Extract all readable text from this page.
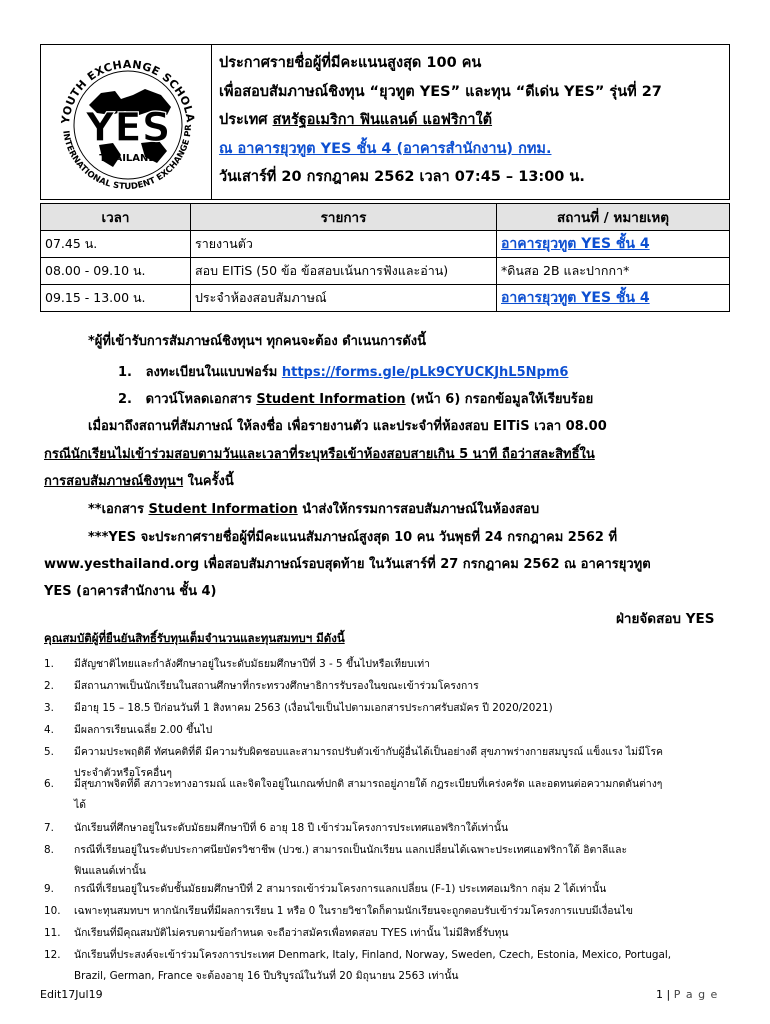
YOUTH EXCHANGE SCHOLA
INTERNATIONAL STUDENT EXCHANGE PR
YES
THAILAND
ประกาศรายชื่อผู้ที่มีคะแนนสูงสุด 100 คน
เพื่อสอบสัมภาษณ์ชิงทุน “ยุวทูต YES” และทุน “ดีเด่น YES” รุ่นที่ 27
ประเทศ สหรัฐอเมริกา ฟินแลนด์ แอฟริกาใต้
ณ อาคารยุวทูต YES ชั้น 4 (อาคารสำนักงาน) กทม.
วันเสาร์ที่ 20 กรกฎาคม 2562 เวลา 07:45 – 13:00 น.
เวลา	รายการ	สถานที่ / หมายเหตุ
07.45 น.	รายงานตัว	อาคารยุวทูต YES ชั้น 4
08.00 - 09.10 น.	สอบ EITiS (50 ข้อ ข้อสอบเน้นการฟังและอ่าน)	*ดินสอ 2B และปากกา*
09.15 - 13.00 น.	ประจำห้องสอบสัมภาษณ์	อาคารยุวทูต YES ชั้น 4
*ผู้ที่เข้ารับการสัมภาษณ์ชิงทุนฯ ทุกคนจะต้อง ดำเนนการดังนี้
1. ลงทะเบียนในแบบฟอร์ม https://forms.gle/pLk9CYUCKJhL5Npm6
2. ดาวน์โหลดเอกสาร Student Information (หน้า 6) กรอกข้อมูลให้เรียบร้อย
เมื่อมาถึงสถานที่สัมภาษณ์ ให้ลงชื่อ เพื่อรายงานตัว และประจำที่ห้องสอบ EITiS เวลา 08.00
กรณีนักเรียนไม่เข้าร่วมสอบตามวันและเวลาที่ระบุหรือเข้าห้องสอบสายเกิน 5 นาที ถือว่าสละสิทธิ์ใน
การสอบสัมภาษณ์ชิงทุนฯ ในครั้งนี้
**เอกสาร Student Information นำส่งให้กรรมการสอบสัมภาษณ์ในห้องสอบ
***YES จะประกาศรายชื่อผู้ที่มีคะแนนสัมภาษณ์สูงสุด 10 คน วันพุธที่ 24 กรกฎาคม 2562 ที่
www.yesthailand.org เพื่อสอบสัมภาษณ์รอบสุดท้าย ในวันเสาร์ที่ 27 กรกฎาคม 2562 ณ อาคารยุวทูต
YES (อาคารสำนักงาน ชั้น 4)
ฝ่ายจัดสอบ YES
คุณสมบัติผู้ที่ยืนยันสิทธิ์รับทุนเต็มจำนวนและทุนสมทบฯ มีดังนี้
1. มีสัญชาติไทยและกำลังศึกษาอยู่ในระดับมัธยมศึกษาปีที่ 3 - 5 ขึ้นไปหรือเทียบเท่า
2. มีสถานภาพเป็นนักเรียนในสถานศึกษาที่กระทรวงศึกษาธิการรับรองในขณะเข้าร่วมโครงการ
3. มีอายุ 15 – 18.5 ปีก่อนวันที่ 1 สิงหาคม 2563 (เงื่อนไขเป็นไปตามเอกสารประกาศรับสมัคร ปี 2020/2021)
4. มีผลการเรียนเฉลี่ย 2.00 ขึ้นไป
5. มีความประพฤติดี ทัศนคติที่ดี มีความรับผิดชอบและสามารถปรับตัวเข้ากับผู้อื่นได้เป็นอย่างดี สุขภาพร่างกายสมบูรณ์ แข็งแรง ไม่มีโรค
ประจำตัวหรือโรคอื่นๆ
6. มีสุขภาพจิตที่ดี สภาวะทางอารมณ์ และจิตใจอยู่ในเกณฑ์ปกติ สามารถอยู่ภายใต้ กฎระเบียบที่เคร่งครัด และอดทนต่อความกดดันต่างๆ
ได้
7. นักเรียนที่ศึกษาอยู่ในระดับมัธยมศึกษาปีที่ 6 อายุ 18 ปี เข้าร่วมโครงการประเทศแอฟริกาใต้เท่านั้น
8. กรณีที่เรียนอยู่ในระดับประกาศนียบัตรวิชาชีพ (ปวช.) สามารถเป็นนักเรียน แลกเปลี่ยนได้เฉพาะประเทศแอฟริกาใต้ อิตาลีและ
ฟินแลนด์เท่านั้น
9. กรณีที่เรียนอยู่ในระดับชั้นมัธยมศึกษาปีที่ 2 สามารถเข้าร่วมโครงการแลกเปลี่ยน (F-1) ประเทศอเมริกา กลุ่ม 2 ได้เท่านั้น
10. เฉพาะทุนสมทบฯ หากนักเรียนที่มีผลการเรียน 1 หรือ 0 ในรายวิชาใดก็ตามนักเรียนจะถูกตอบรับเข้าร่วมโครงการแบบมีเงื่อนไข
11. นักเรียนที่มีคุณสมบัติไม่ครบตามข้อกำหนด จะถือว่าสมัครเพื่อทดสอบ TYES เท่านั้น ไม่มีสิทธิ์รับทุน
12. นักเรียนที่ประสงค์จะเข้าร่วมโครงการประเทศ Denmark, Italy, Finland, Norway, Sweden, Czech, Estonia, Mexico, Portugal,
Brazil, German, France จะต้องอายุ 16 ปีบริบูรณ์ในวันที่ 20 มิถุนายน 2563 เท่านั้น
Edit17Jul19	1 | P a g e
